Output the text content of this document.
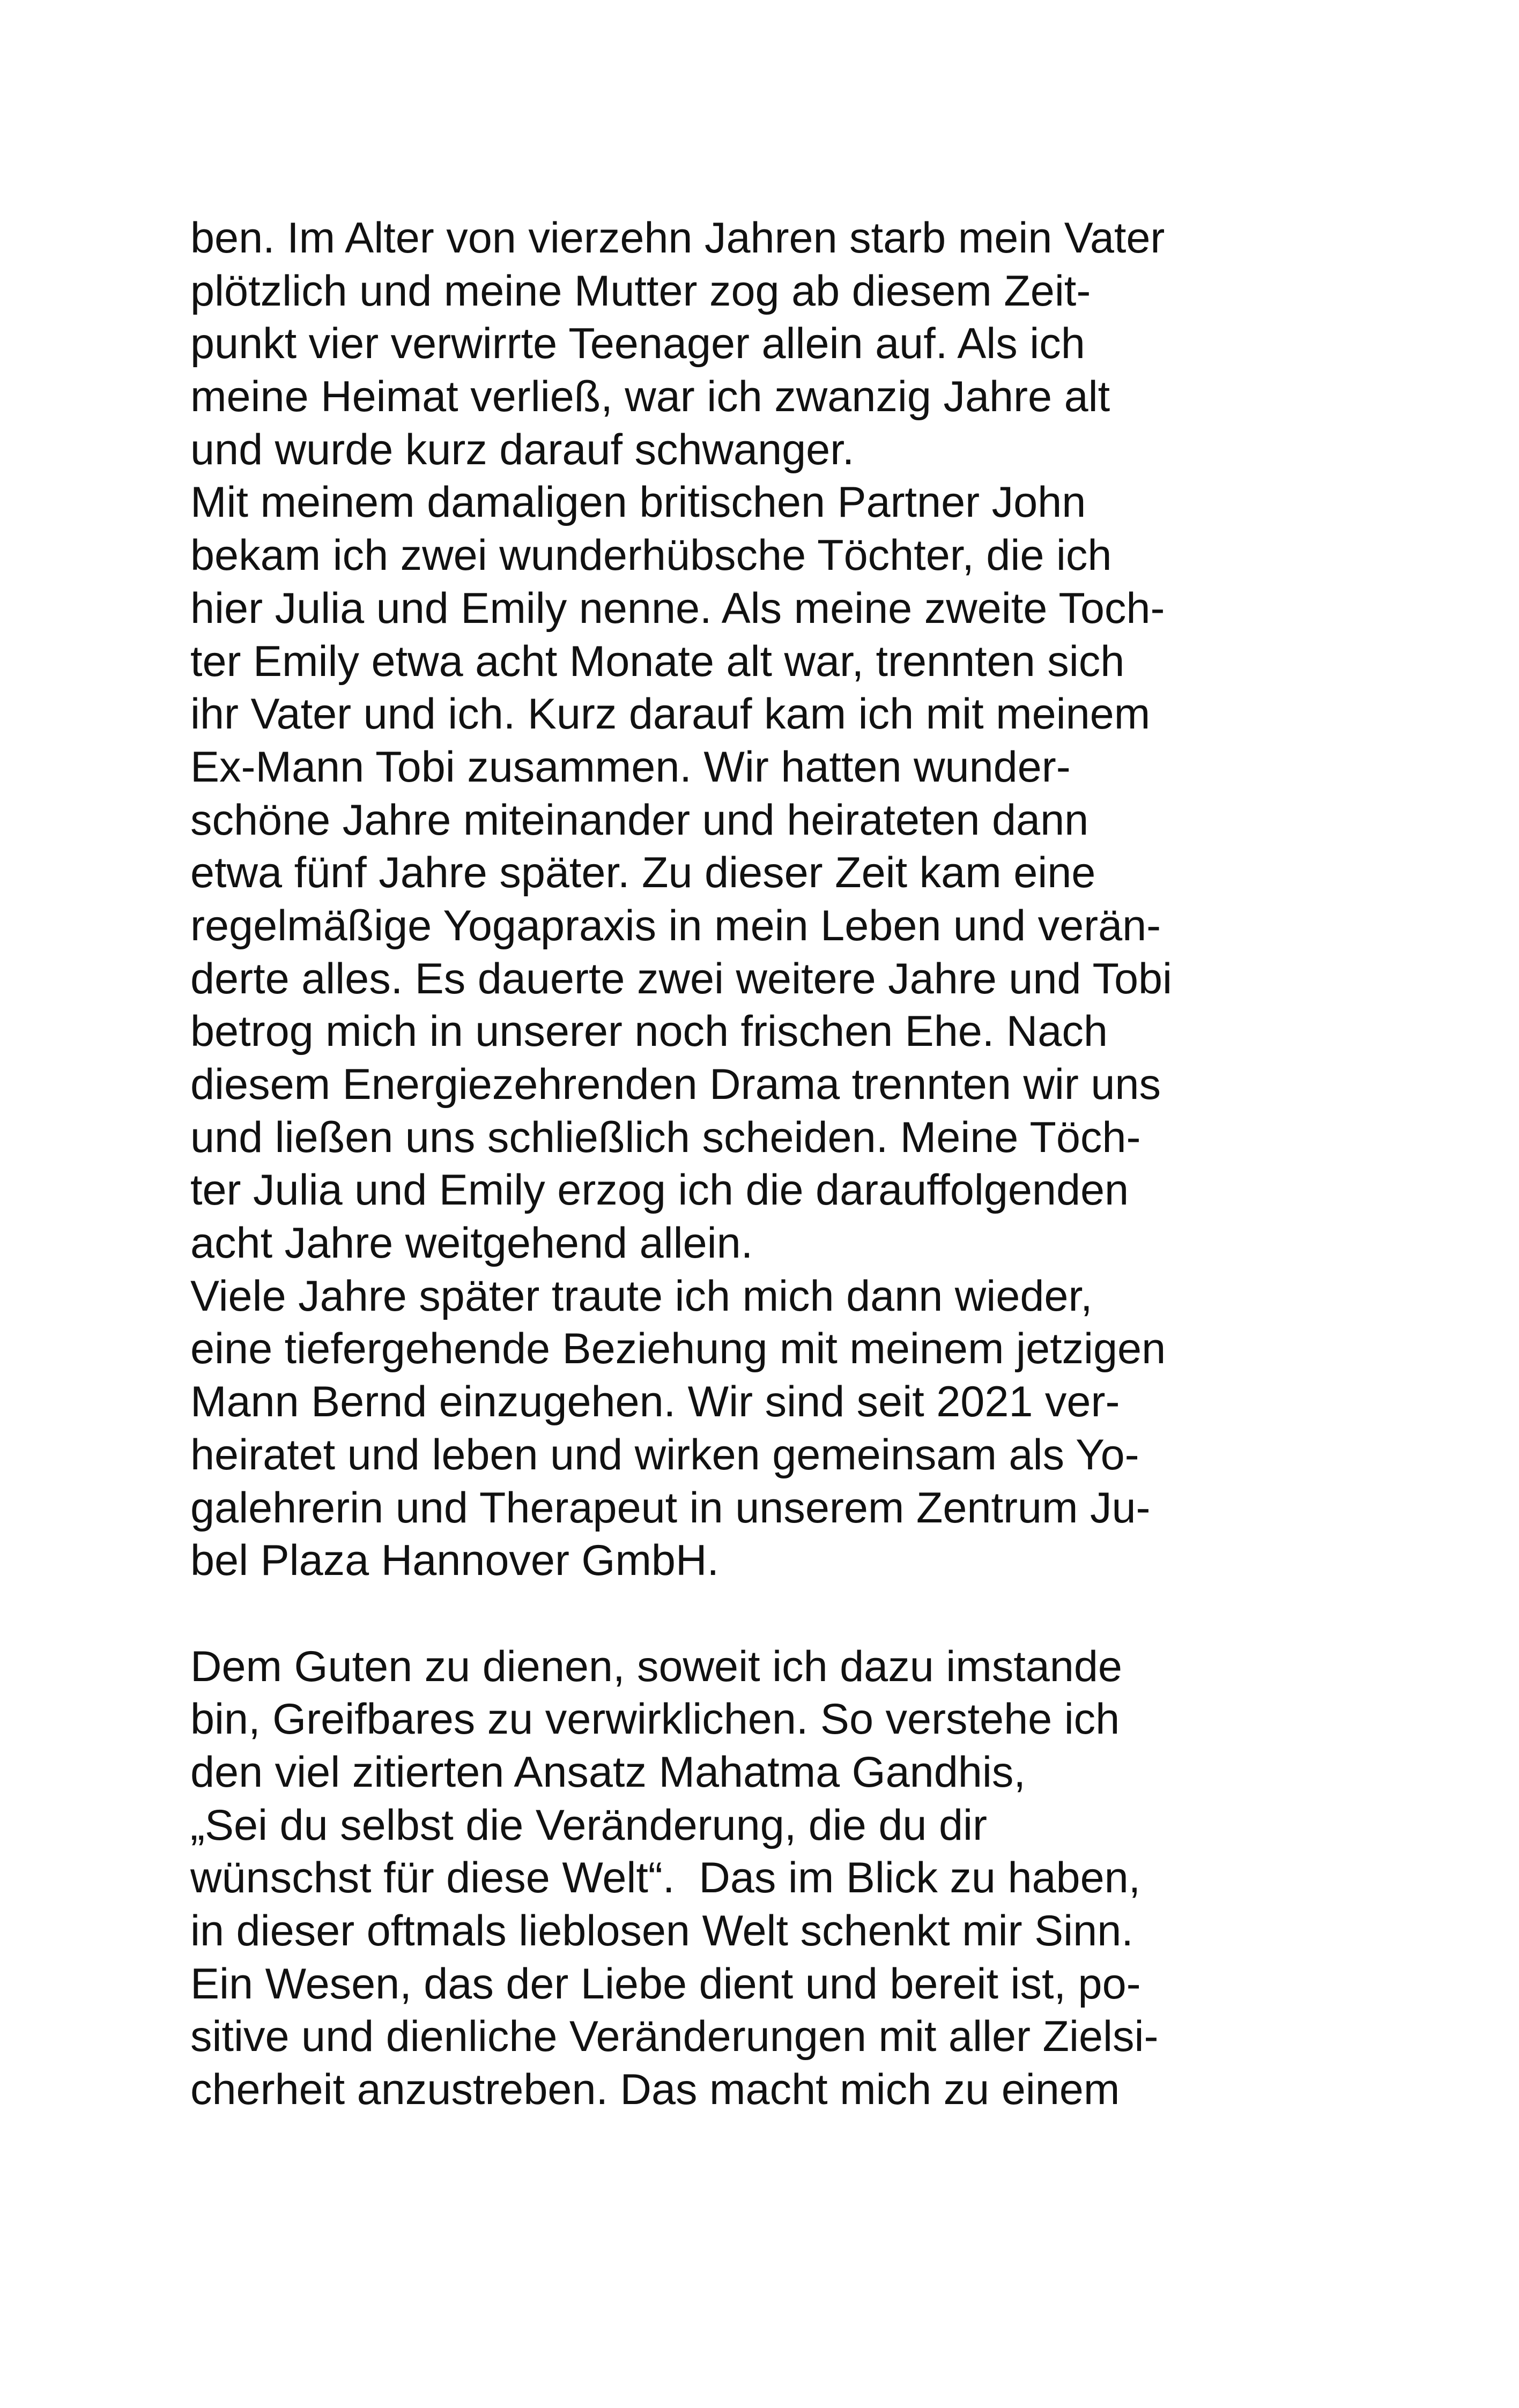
ben. Im Alter von vierzehn Jahren starb mein Vater
plötzlich und meine Mutter zog ab diesem Zeit-
punkt vier verwirrte Teenager allein auf. Als ich
meine Heimat verließ, war ich zwanzig Jahre alt
und wurde kurz darauf schwanger.
Mit meinem damaligen britischen Partner John
bekam ich zwei wunderhübsche Töchter, die ich
hier Julia und Emily nenne. Als meine zweite Toch-
ter Emily etwa acht Monate alt war, trennten sich
ihr Vater und ich. Kurz darauf kam ich mit meinem
Ex-Mann Tobi zusammen. Wir hatten wunder-
schöne Jahre miteinander und heirateten dann
etwa fünf Jahre später. Zu dieser Zeit kam eine
regelmäßige Yogapraxis in mein Leben und verän-
derte alles. Es dauerte zwei weitere Jahre und Tobi
betrog mich in unserer noch frischen Ehe. Nach
diesem Energiezehrenden Drama trennten wir uns
und ließen uns schließlich scheiden. Meine Töch-
ter Julia und Emily erzog ich die darauffolgenden
acht Jahre weitgehend allein.
Viele Jahre später traute ich mich dann wieder,
eine tiefergehende Beziehung mit meinem jetzigen
Mann Bernd einzugehen. Wir sind seit 2021 ver-
heiratet und leben und wirken gemeinsam als Yo-
galehrerin und Therapeut in unserem Zentrum Ju-
bel Plaza Hannover GmbH.
Dem Guten zu dienen, soweit ich dazu imstande
bin, Greifbares zu verwirklichen. So verstehe ich
den viel zitierten Ansatz Mahatma Gandhis,
„Sei du selbst die Veränderung, die du dir
wünschst für diese Welt“.  Das im Blick zu haben,
in dieser oftmals lieblosen Welt schenkt mir Sinn.
Ein Wesen, das der Liebe dient und bereit ist, po-
sitive und dienliche Veränderungen mit aller Zielsi-
cherheit anzustreben. Das macht mich zu einem
